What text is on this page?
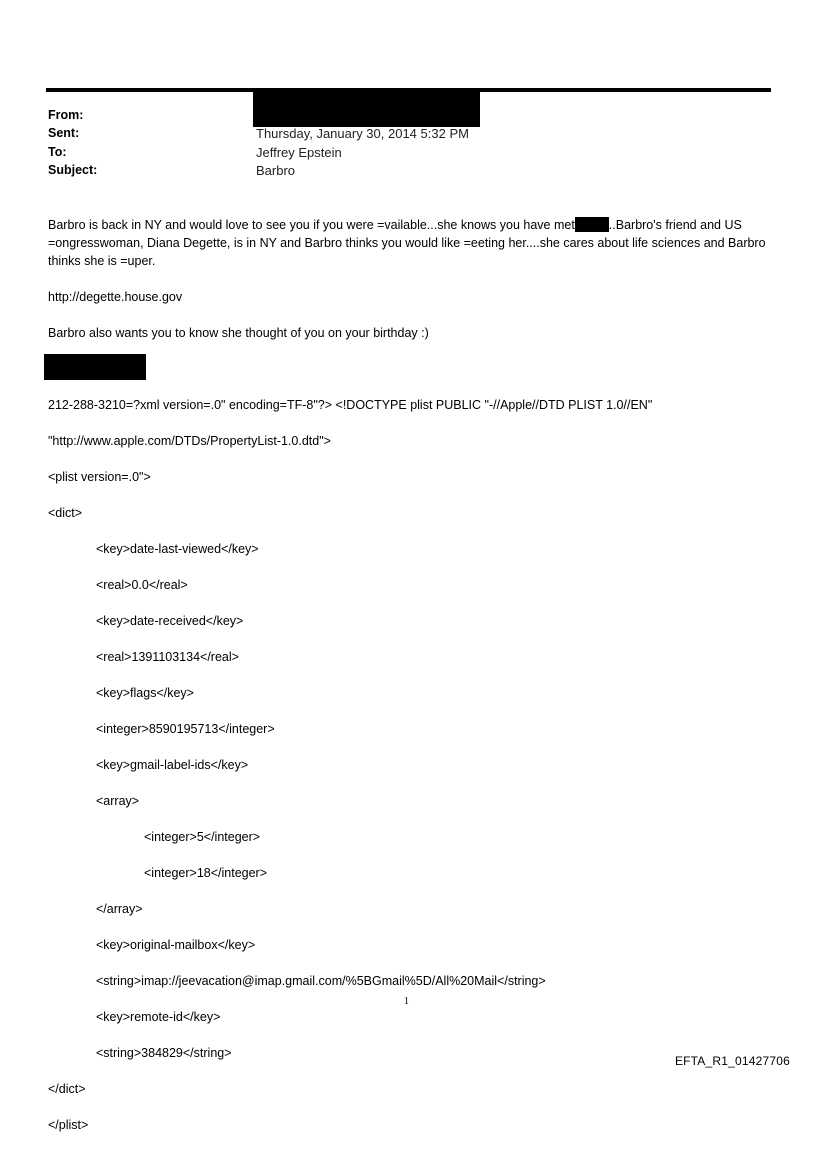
From:
Sent:
To:
Subject:
Thursday, January 30, 2014 5:32 PM
Jeffrey Epstein
Barbro
Barbro is back in NY and would love to see you if you were =vailable...she knows you have met	..Barbro's friend and US =ongresswoman, Diana Degette, is in NY and Barbro thinks you would like =eeting her....she cares about life sciences and Barbro thinks she is =uper.
http://degette.house.gov
Barbro also wants you to know she thought of you on your birthday :)

212-288-3210=?xml version=.0" encoding=TF-8"?> <!DOCTYPE plist PUBLIC "-//Apple//DTD PLIST 1.0//EN"

"http://www.apple.com/DTDs/PropertyList-1.0.dtd">

<plist version=.0">

<dict>

<key>date-last-viewed</key>

<real>0.0</real>

<key>date-received</key>

<real>1391103134</real>

<key>flags</key>

<integer>8590195713</integer>

<key>gmail-label-ids</key>

<array>

<integer>5</integer>

<integer>18</integer>

</array>

<key>original-mailbox</key>

<string>imap://jeevacation@imap.gmail.com/%5BGmail%5D/All%20Mail</string>

<key>remote-id</key>

<string>384829</string>

</dict>

</plist>

1
EFTA_R1_01427706
